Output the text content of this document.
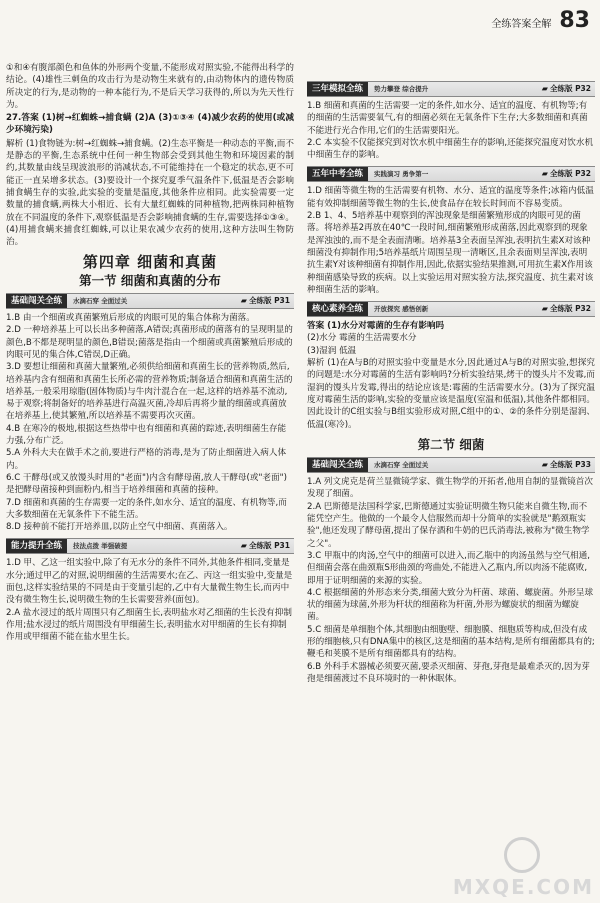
全练答案全解 83

①和④有腹部颜色和鱼体的外形两个变量,不能形成对照实验,不能得出科学的结论。(4)雄性三刺鱼的攻击行为是动物生来就有的,由动物体内的遗传物质所决定的行为,是动物的一种本能行为,不是后天学习获得的,所以为先天性行为。

27.答案 (1)树→红蜘蛛→捕食螨 (2)A (3)①③④ (4)减少农药的使用(或减少环境污染)

解析 (1)食物链为:树→红蜘蛛→捕食螨。(2)生态平衡是一种动态的平衡,而不是静态的平衡,生态系统中任何一种生物部会受到其他生物和环境因素的制约,其数量由线呈现波浪形的消减状态,不可能维持在一个稳定的状态,更不可能正一直呆增多状态。(3)要设计一个探究夏季气温条件下,低温是否会影响捕食螨生存的实验,此实验的变量是温度,其他条件应相同。此实验需要一定数量的捕食螨,两株大小相近、长有大量红蜘蛛的同种植物,把两株同种植物放在不同温度的条件下,观察低温是否会影响捕食螨的生存,需要选择①③④。(4)用捕食螨来捕食红蜘蛛,可以让果农减少农药的使用,这种方法叫生物防治。

第四章 细菌和真菌
第一节 细菌和真菌的分布
基础闯关全练	水滴石穿 全面过关	▰ 全练版 P31

1.B 由一个细菌或真菌繁殖后形成的肉眼可见的集合体称为菌落。

2.D 一种培养基上可以长出多种菌落,A错误;真菌形成的菌落有的呈现明显的颜色,B不都是现明显的颜色,B错误;菌落是指由一个细菌或真菌繁殖后形成的肉眼可见的集合体,C错误,D正确。

3.D 要想让细菌和真菌大量繁殖,必须供给细菌和真菌生长的营养物质,然后,培养基内含有细菌和真菌生长所必需的营养物质;制备适合细菌和真菌生活的培养基,一般采用琼脂(固体物质)与牛肉汁混合在一起,这样的培养基不流动,易于观察;将制备好的培养基进行高温灭菌,冷却后再将少量的细菌或真菌放在培养基上,使其繁殖,所以培养基不需要再次灭菌。

4.B 在寒冷的极地,根据这些热带中也有细菌和真菌的踪迹,表明细菌生存能力强,分布广泛。

5.A 外科大夫在做手术之前,要进行严格的消毒,是为了防止细菌进入病人体内。

6.C 干酵母(或又放馒头时用的"老面")内含有酵母菌,放人干酵母(或"老面")是把酵母菌接种到面粉内,相当于培养细菌和真菌的接种。

7.D 细菌和真菌的生存需要一定的条件,如水分、适宜的温度、有机物等,而大多数细菌在无氧条件下不能生活。

8.D 接种前不能打开培养皿,以防止空气中细菌、真菌落入。

能力提升全练	技法点拨 举强破提	▰ 全练版 P31

1.D 甲、乙这一组实验中,除了有无水分的条件不同外,其他条件相同,变量是水分;通过甲乙的对照,说明细菌的生活需要水;在乙、丙这一组实验中,变量是面包,这样实验结果的不同是由于变量引起的,乙中有大量微生物生长,而丙中没有微生物生长,说明微生物的生长需要营养(面包)。

2.A 盐水浸过的纸片周围只有乙细菌生长,表明盐水对乙细菌的生长没有抑制作用;盐水浸过的纸片周围没有甲细菌生长,表明盐水对甲细菌的生长有抑制作用或甲细菌不能在盐水里生长。

三年模拟全练	势力攀登 综合提升	▰ 全练版 P32

1.B 细菌和真菌的生活需要一定的条件,如水分、适宜的温度、有机物等;有的细菌的生活需要氧气,有的细菌必须在无氧条件下生存;大多数细菌和真菌不能进行光合作用,它们的生活需要阳光。

2.C 本实验不仅能探究到对饮水机中细菌生存的影响,还能探究温度对饮水机中细菌生存的影响。

五年中考全练	实践演习 勇争第一	▰ 全练版 P32

1.D 细菌等微生物的生活需要有机物、水分、适宜的温度等条件;冰箱内低温能有效抑制细菌等微生物的生长,使食品存在较长时间而不容易变质。

2.B 1、4、5培养基中观察到的浑浊现象是细菌繁殖形成的肉眼可见的菌落。将培养基2再放在40℃一段时间,细菌繁殖形成菌落,因此观察到的现象是浑浊浊的,而不是全表面清晰。培养基3全表面呈浑浊,表明抗生素X对该种细菌没有抑制作用;5培养基纸片周围呈现一清晰区,且余表面则呈浑浊,表明抗生素Y对该种细菌有抑制作用,因此,依据实验结果推测,可用抗生素X作用该种细菌感染导致的疾病。以上实验运用对照实验方法,探究温度、抗生素对该种细菌生活的影响。

核心素养全练	开放探究 感悟创新	▰ 全练版 P32

答案 (1)水分对霉菌的生存有影响吗

(2)水分 霉菌的生活需要水分

(3)湿润 低温

解析 (1)在A与B的对照实验中变量是水分,因此通过A与B的对照实验,想探究的问题是:水分对霉菌的生活有影响吗?分析实验结果,烤干的馒头片不发霉,而湿润的馒头片发霉,得出的结论应该是:霉菌的生活需要水分。(3)为了探究温度对霉菌生活的影响,实验的变量应该是温度(室温和低温),其他条件都相同。因此设计的C组实验与B组实验形成对照,C组中的①、②的条件分别是湿润、低温(寒冷)。

第二节 细菌
基础闯关全练	水滴石穿 全面过关	▰ 全练版 P33

1.A 列文虎克是荷兰显微镜学家、微生物学的开拓者,他用自制的显微镜首次发现了细菌。

2.A 巴斯德是法国科学家,巴斯德通过实验证明微生物只能来自微生物,而不能凭空产生。他做的一个最令人信服然而却十分简单的实验就是"鹅颈瓶实验",他还发现了酵母菌,提出了保存酒和牛奶的巴氏消毒法,被称为"微生物学之父"。

3.C 甲瓶中的肉汤,空气中的细菌可以进入,而乙瓶中的肉汤虽然与空气相通,但细菌会落在曲颈瓶S形曲颈的弯曲处,不能进入乙瓶内,所以肉汤不能腐败,即用于证明细菌的来源的实验。

4.C 根据细菌的外形态来分类,细菌大致分为杆菌、球菌、螺旋菌。外形呈球状的细菌为球菌,外形为杆状的细菌称为杆菌,外形为螺旋状的细菌为螺旋菌。

5.C 细菌是单细胞个体,其细胞由细胞壁、细胞膜、细胞质等构成,但没有成形的细胞核,只有DNA集中的核区,这是细菌的基本结构,是所有细菌都具有的;鞭毛和荚膜不是所有细菌都具有的结构。

6.B 外科手术器械必须要灭菌,要杀灭细菌、芽孢,芽孢是最难杀灭的,因为芽孢是细菌渡过不良环境时的一种休眠体。

MXQE.COM
